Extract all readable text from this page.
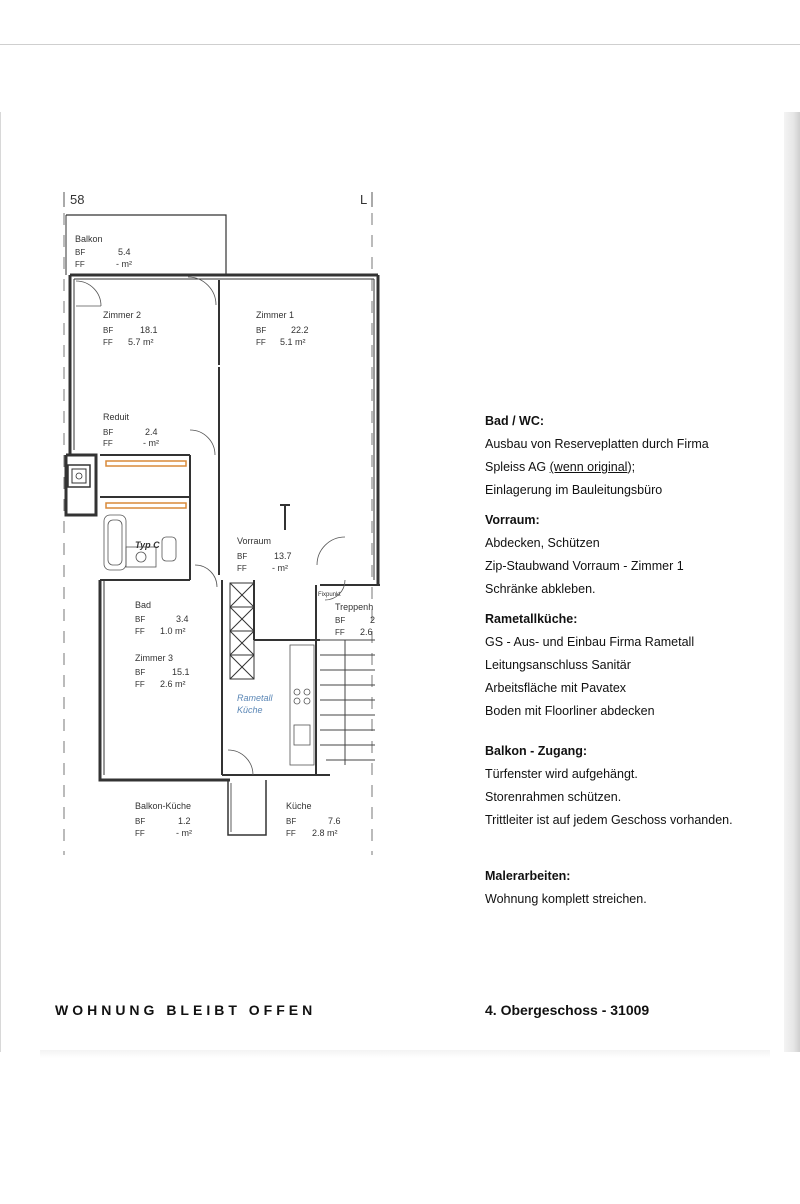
58	L
Balkon
BF	5.4
FF	- m²
Zimmer 2
BF	18.1
FF 5.7 m²
Zimmer 1
BF	22.2
FF 5.1 m²
Reduit
BF	2.4
FF	- m²
Typ C	Vorraum
BF	13.7
FF	- m²
Fixpunkt
Treppenh
BF	2
FF 2.6
Bad
BF	3.4
FF 1.0 m²
Zimmer 3
BF	15.1
FF 2.6 m²
Rametall
Küche
Balkon-Küche
BF	1.2
FF	- m²
Küche
BF	7.6
FF 2.8 m²
Bad / WC:
Ausbau von Reserveplatten durch Firma
Spleiss AG (wenn original);
Einlagerung im Bauleitungsbüro
Vorraum:
Abdecken, Schützen
Zip-Staubwand Vorraum - Zimmer 1
Schränke abkleben.
Rametallküche:
GS - Aus- und Einbau Firma Rametall
Leitungsanschluss Sanitär
Arbeitsfläche mit Pavatex
Boden mit Floorliner abdecken
Balkon - Zugang:
Türfenster wird aufgehängt.
Storenrahmen schützen.
Trittleiter ist auf jedem Geschoss vorhanden.
Malerarbeiten:
Wohnung komplett streichen.
WOHNUNG BLEIBT OFFEN	4. Obergeschoss - 31009
